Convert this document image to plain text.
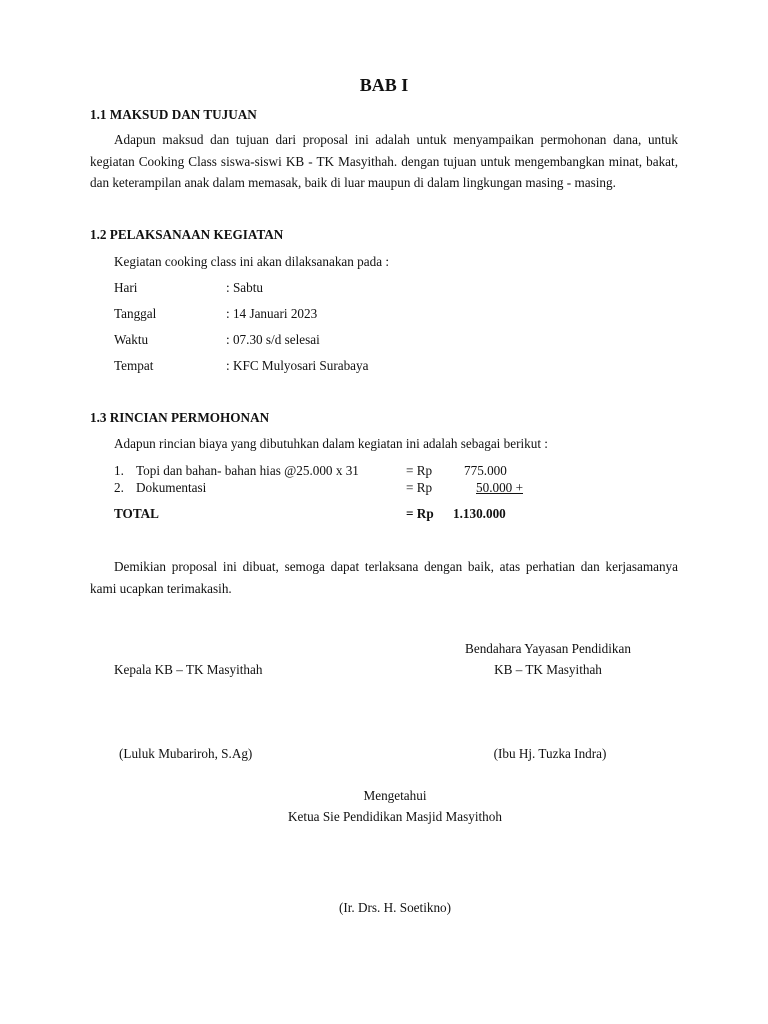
BAB I
1.1 MAKSUD DAN TUJUAN
Adapun maksud dan tujuan dari proposal ini adalah untuk menyampaikan permohonan dana, untuk kegiatan Cooking Class siswa-siswi KB - TK Masyithah. dengan tujuan untuk mengembangkan minat, bakat, dan keterampilan anak dalam memasak, baik di luar maupun di dalam lingkungan masing - masing.
1.2 PELAKSANAAN KEGIATAN
Kegiatan cooking class ini akan dilaksanakan pada :
Hari	: Sabtu
Tanggal	: 14 Januari 2023
Waktu	: 07.30 s/d selesai
Tempat	: KFC Mulyosari Surabaya
1.3 RINCIAN PERMOHONAN
Adapun rincian biaya yang dibutuhkan dalam kegiatan ini adalah sebagai berikut :
1. Topi dan bahan- bahan hias @25.000 x 31	= Rp 775.000
2. Dokumentasi	= Rp	50.000 +
TOTAL	= Rp 1.130.000
Demikian proposal ini dibuat, semoga dapat terlaksana dengan baik, atas perhatian dan kerjasamanya kami ucapkan terimakasih.
Bendahara Yayasan Pendidikan
KB – TK Masyithah
Kepala KB – TK Masyithah
(Luluk Mubariroh, S.Ag)	(Ibu Hj. Tuzka Indra)
Mengetahui
Ketua Sie Pendidikan Masjid Masyithoh
(Ir. Drs. H. Soetikno)
